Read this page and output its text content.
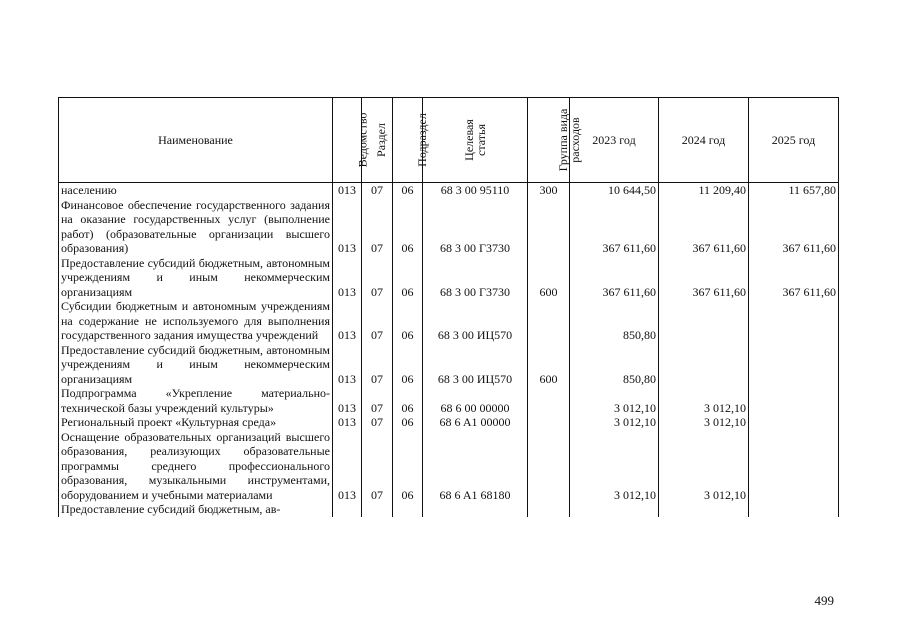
Наименование	Ведомство	Раздел	Подраздел	Целевая статья	Группа вида расходов	2023 год	2024 год	2025 год
населению	013	07	06	68 3 00 95110	300	10 644,50	11 209,40	11 657,80
Финансовое обеспечение государственного задания на оказание государственных услуг (выполнение работ) (образовательные организации высшего образования)	013	07	06	68 3 00 Г3730		367 611,60	367 611,60	367 611,60
Предоставление субсидий бюджетным, автономным учреждениям и иным некоммерческим организациям	013	07	06	68 3 00 Г3730	600	367 611,60	367 611,60	367 611,60
Субсидии бюджетным и автономным учреждениям на содержание не используемого для выполнения государственного задания имущества учреждений	013	07	06	68 3 00 ИЦ570		850,80		
Предоставление субсидий бюджетным, автономным учреждениям и иным некоммерческим организациям	013	07	06	68 3 00 ИЦ570	600	850,80		
Подпрограмма «Укрепление материально-технической базы учреждений культуры»	013	07	06	68 6 00 00000		3 012,10	3 012,10	
Региональный проект «Культурная среда»	013	07	06	68 6 A1 00000		3 012,10	3 012,10	
Оснащение образовательных организаций высшего образования, реализующих образовательные программы среднего профессионального образования, музыкальными инструментами, оборудованием и учебными материалами	013	07	06	68 6 A1 68180		3 012,10	3 012,10	
Предоставление субсидий бюджетным, ав-								
499
